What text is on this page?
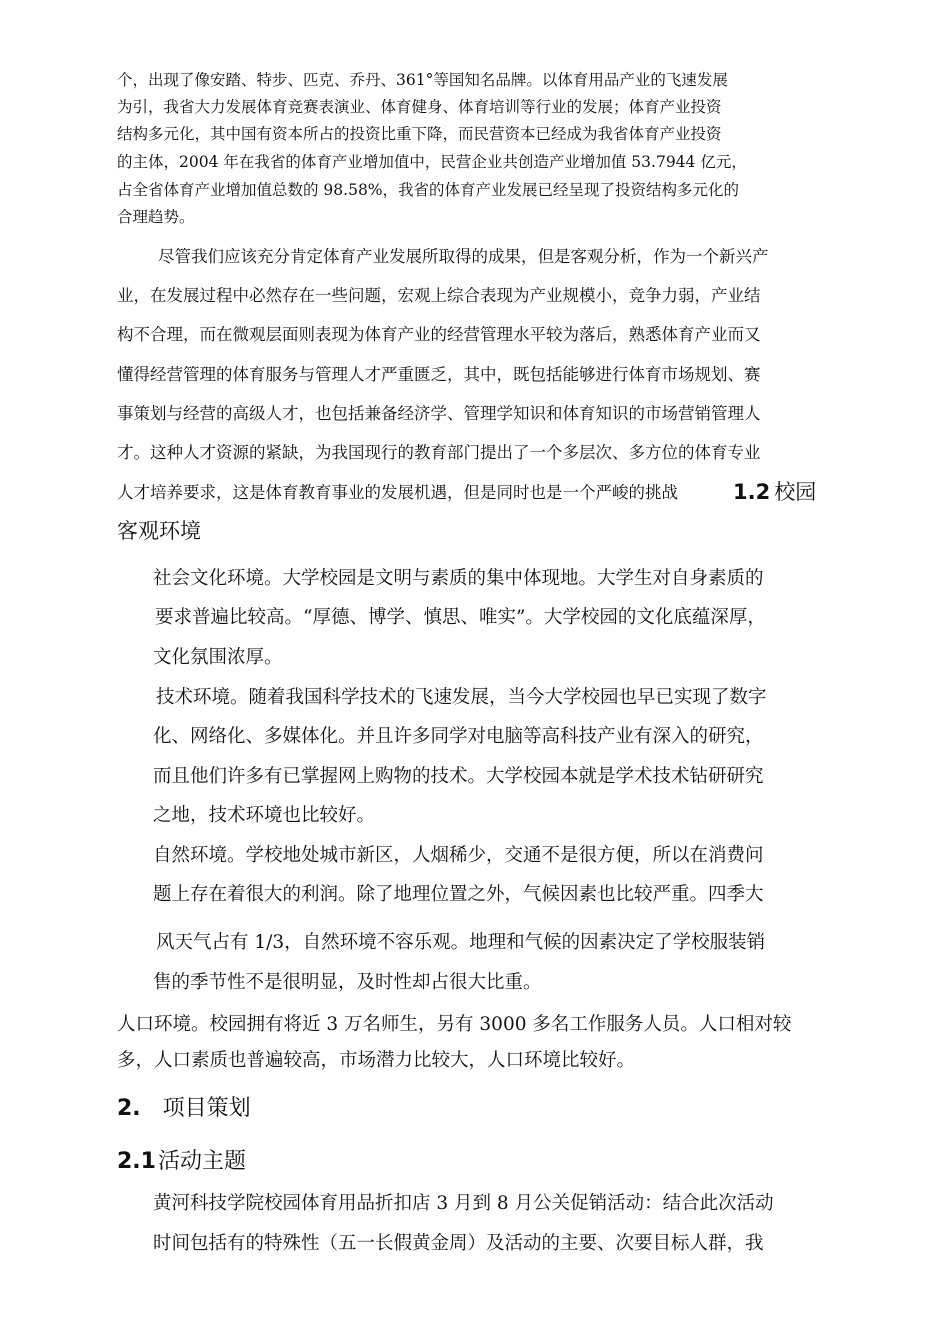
个，出现了像安踏、特步、匹克、乔丹、361°等国知名品牌。以体育用品产业的飞速发展
为引，我省大力发展体育竞赛表演业、体育健身、体育培训等行业的发展；体育产业投资
结构多元化，其中国有资本所占的投资比重下降，而民营资本已经成为我省体育产业投资
的主体，2004 年在我省的体育产业增加值中，民营企业共创造产业增加值 53.7944 亿元，
占全省体育产业增加值总数的 98.58%，我省的体育产业发展已经呈现了投资结构多元化的
合理趋势。
尽管我们应该充分肯定体育产业发展所取得的成果，但是客观分析，作为一个新兴产
业，在发展过程中必然存在一些问题，宏观上综合表现为产业规模小，竞争力弱，产业结
构不合理，而在微观层面则表现为体育产业的经营管理水平较为落后，熟悉体育产业而又
懂得经营管理的体育服务与管理人才严重匮乏，其中，既包括能够进行体育市场规划、赛
事策划与经营的高级人才，也包括兼备经济学、管理学知识和体育知识的市场营销管理人
才。这种人才资源的紧缺，为我国现行的教育部门提出了一个多层次、多方位的体育专业
人才培养要求，这是体育教育事业的发展机遇，但是同时也是一个严峻的挑战	1.2 校园
客观环境
社会文化环境。大学校园是文明与素质的集中体现地。大学生对自身素质的
要求普遍比较高。“厚德、博学、慎思、唯实”。大学校园的文化底蕴深厚，
文化氛围浓厚。
技术环境。随着我国科学技术的飞速发展，当今大学校园也早已实现了数字
化、网络化、多媒体化。并且许多同学对电脑等高科技产业有深入的研究，
而且他们许多有已掌握网上购物的技术。大学校园本就是学术技术钻研研究
之地，技术环境也比较好。
自然环境。学校地处城市新区，人烟稀少，交通不是很方便，所以在消费问
题上存在着很大的利润。除了地理位置之外，气候因素也比较严重。四季大
风天气占有 1/3，自然环境不容乐观。地理和气候的因素决定了学校服装销
售的季节性不是很明显，及时性却占很大比重。
人口环境。校园拥有将近 3 万名师生，另有 3000 多名工作服务人员。人口相对较
多，人口素质也普遍较高，市场潜力比较大，人口环境比较好。
2. 项目策划
2.1活动主题
黄河科技学院校园体育用品折扣店 3 月到 8 月公关促销活动：结合此次活动
时间包括有的特殊性（五一长假黄金周）及活动的主要、次要目标人群，我
